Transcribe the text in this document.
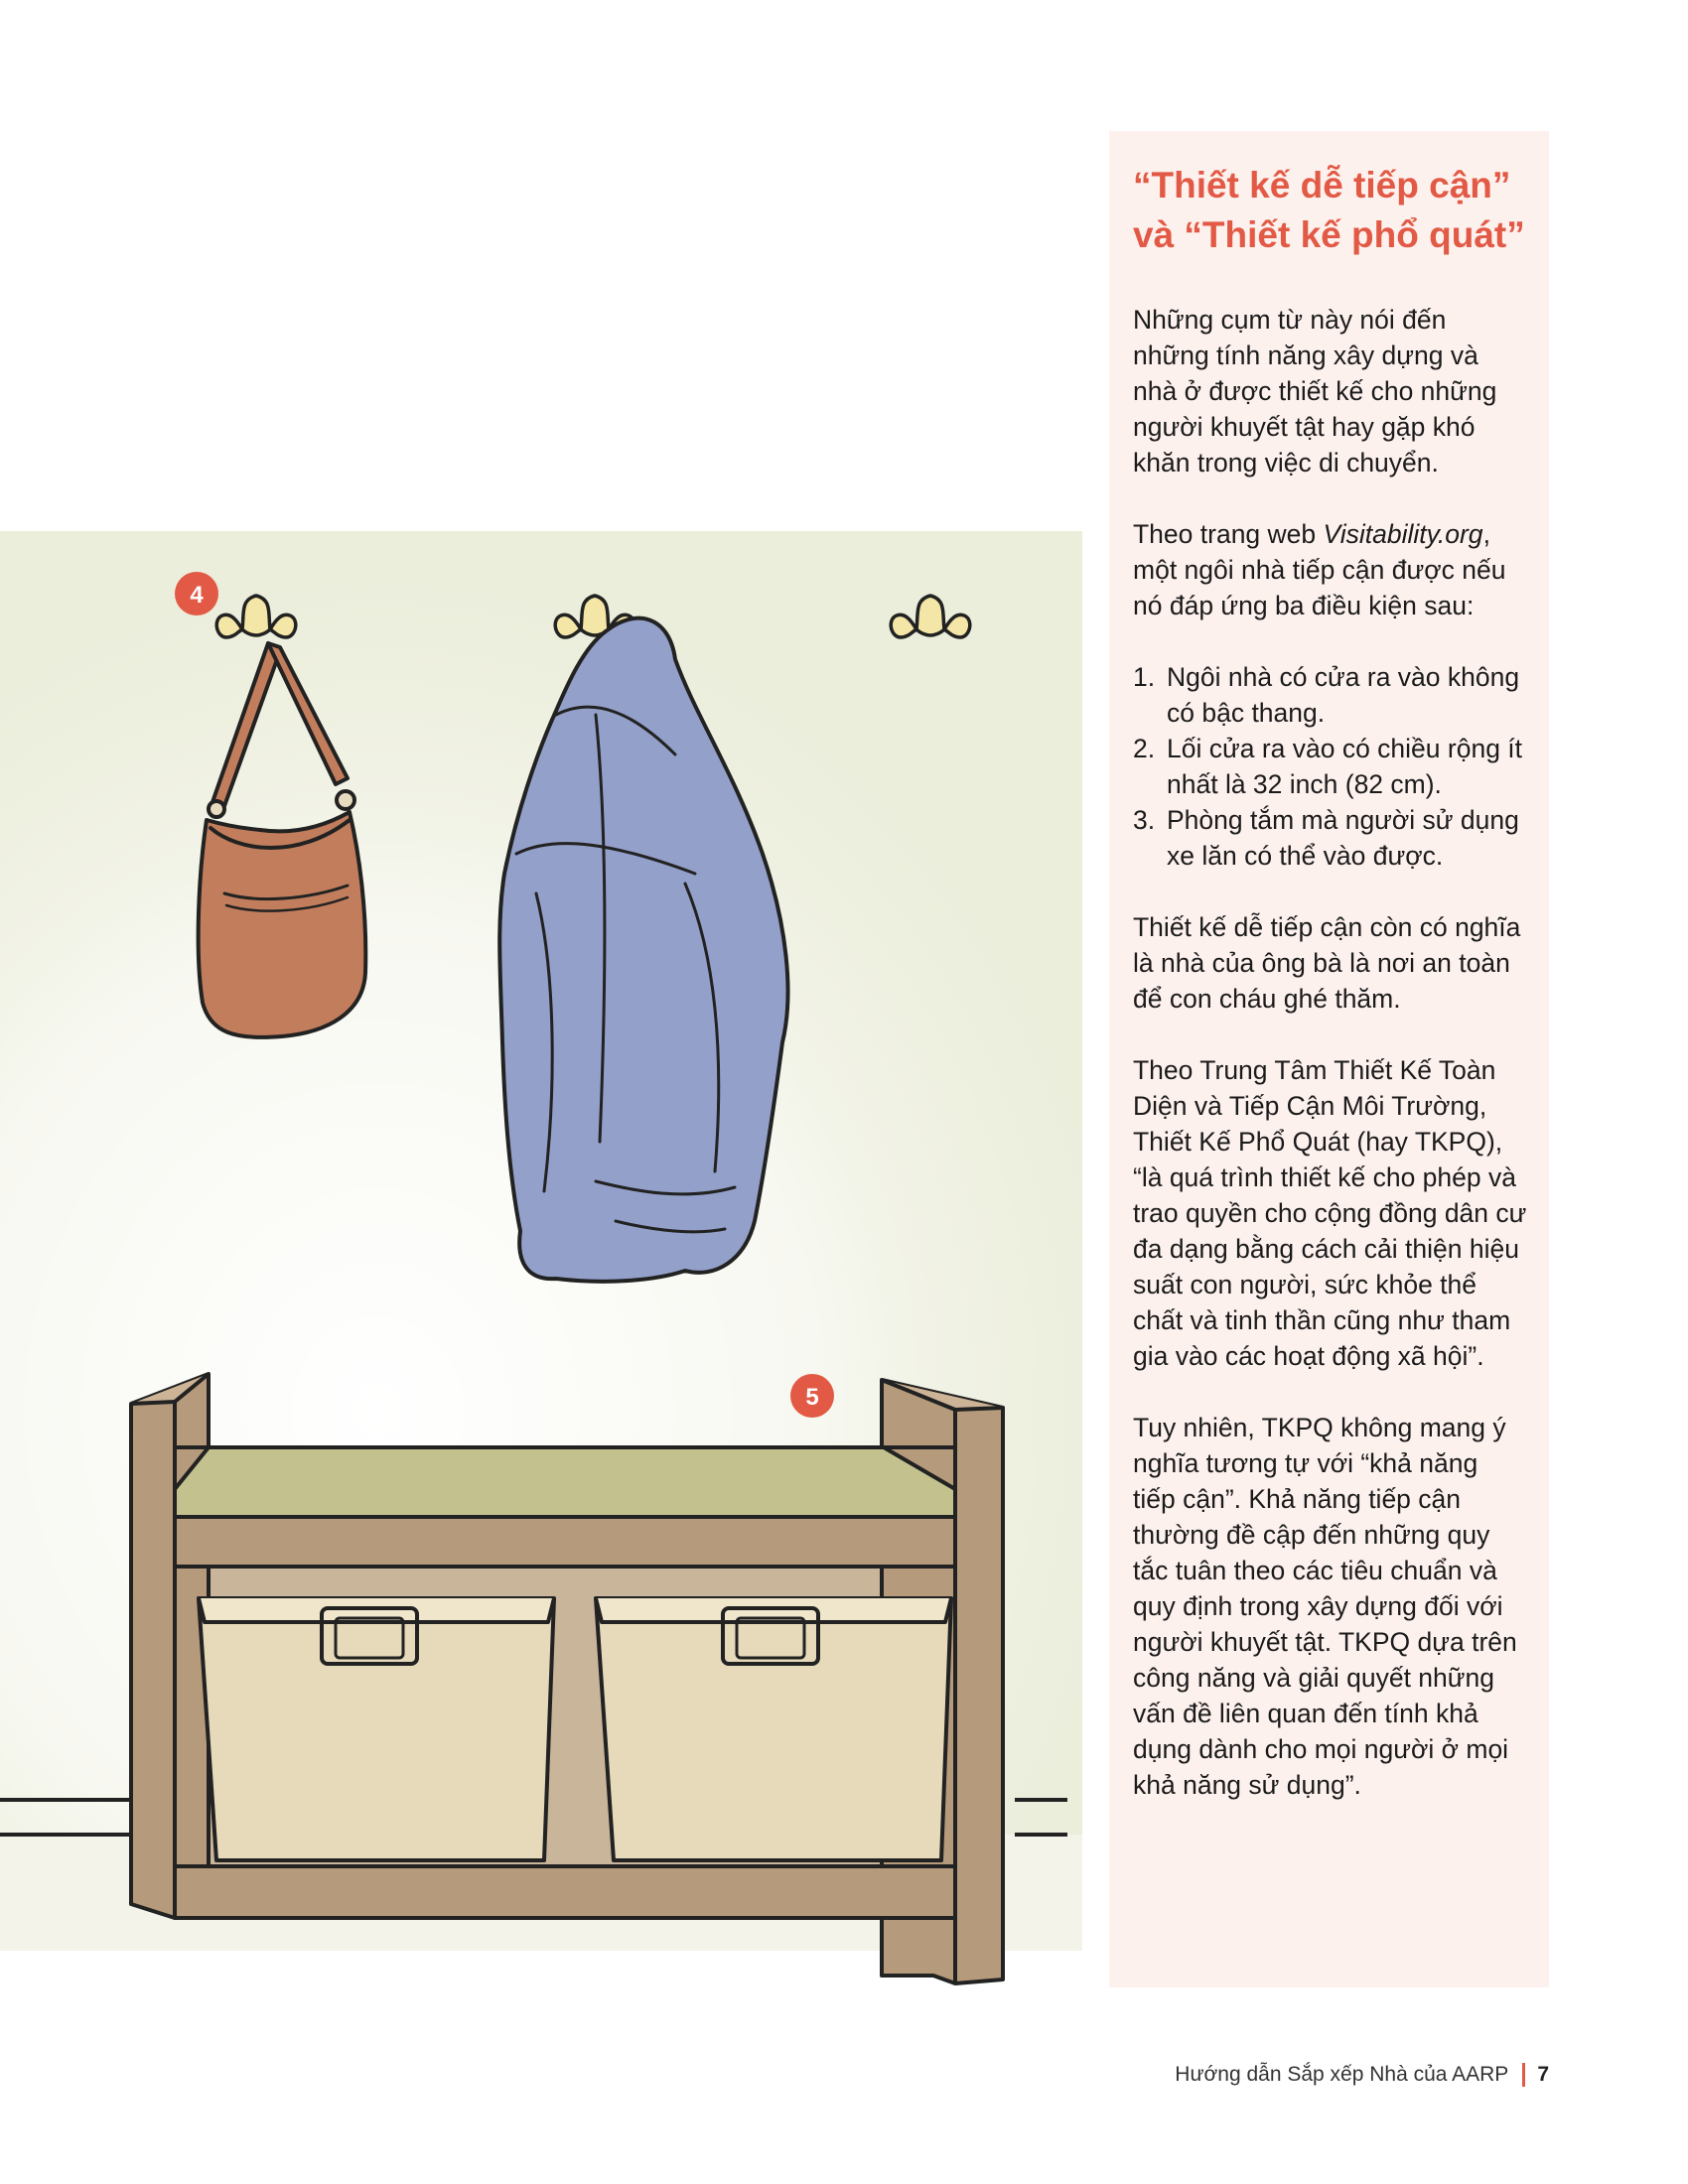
4
5
“Thiết kế dễ tiếp cận” và “Thiết kế phổ quát”

Những cụm từ này nói đến những tính năng xây dựng và nhà ở được thiết kế cho những người khuyết tật hay gặp khó khăn trong việc di chuyển.

Theo trang web Visitability.org, một ngôi nhà tiếp cận được nếu nó đáp ứng ba điều kiện sau:

1. Ngôi nhà có cửa ra vào không có bậc thang.
2. Lối cửa ra vào có chiều rộng ít nhất là 32 inch (82 cm).
3. Phòng tắm mà người sử dụng xe lăn có thể vào được.

Thiết kế dễ tiếp cận còn có nghĩa là nhà của ông bà là nơi an toàn để con cháu ghé thăm.

Theo Trung Tâm Thiết Kế Toàn Diện và Tiếp Cận Môi Trường, Thiết Kế Phổ Quát (hay TKPQ), “là quá trình thiết kế cho phép và trao quyền cho cộng đồng dân cư đa dạng bằng cách cải thiện hiệu suất con người, sức khỏe thể chất và tinh thần cũng như tham gia vào các hoạt động xã hội”.

Tuy nhiên, TKPQ không mang ý nghĩa tương tự với “khả năng tiếp cận”. Khả năng tiếp cận thường đề cập đến những quy tắc tuân theo các tiêu chuẩn và quy định trong xây dựng đối với người khuyết tật. TKPQ dựa trên công năng và giải quyết những vấn đề liên quan đến tính khả dụng dành cho mọi người ở mọi khả năng sử dụng”.

Hướng dẫn Sắp xếp Nhà của AARP 7
